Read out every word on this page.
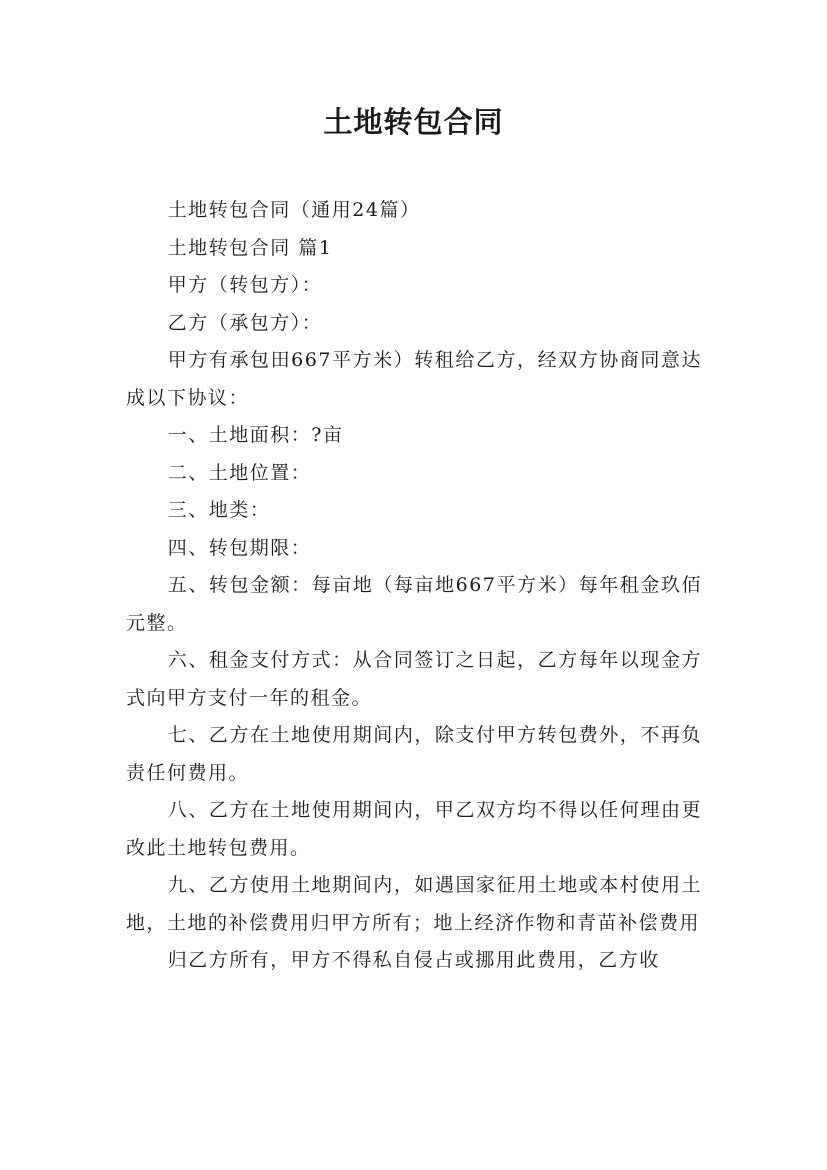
土地转包合同

土地转包合同（通用24篇）

土地转包合同 篇1

甲方（转包方）：

乙方（承包方）：

甲方有承包田667平方米）转租给乙方，经双方协商同意达成以下协议：

一、土地面积：?亩

二、土地位置：

三、地类：

四、转包期限：

五、转包金额：每亩地（每亩地667平方米）每年租金玖佰元整。

六、租金支付方式：从合同签订之日起，乙方每年以现金方式向甲方支付一年的租金。

七、乙方在土地使用期间内，除支付甲方转包费外，不再负责任何费用。

八、乙方在土地使用期间内，甲乙双方均不得以任何理由更改此土地转包费用。

九、乙方使用土地期间内，如遇国家征用土地或本村使用土地，土地的补偿费用归甲方所有；地上经济作物和青苗补偿费用

归乙方所有，甲方不得私自侵占或挪用此费用，乙方收
